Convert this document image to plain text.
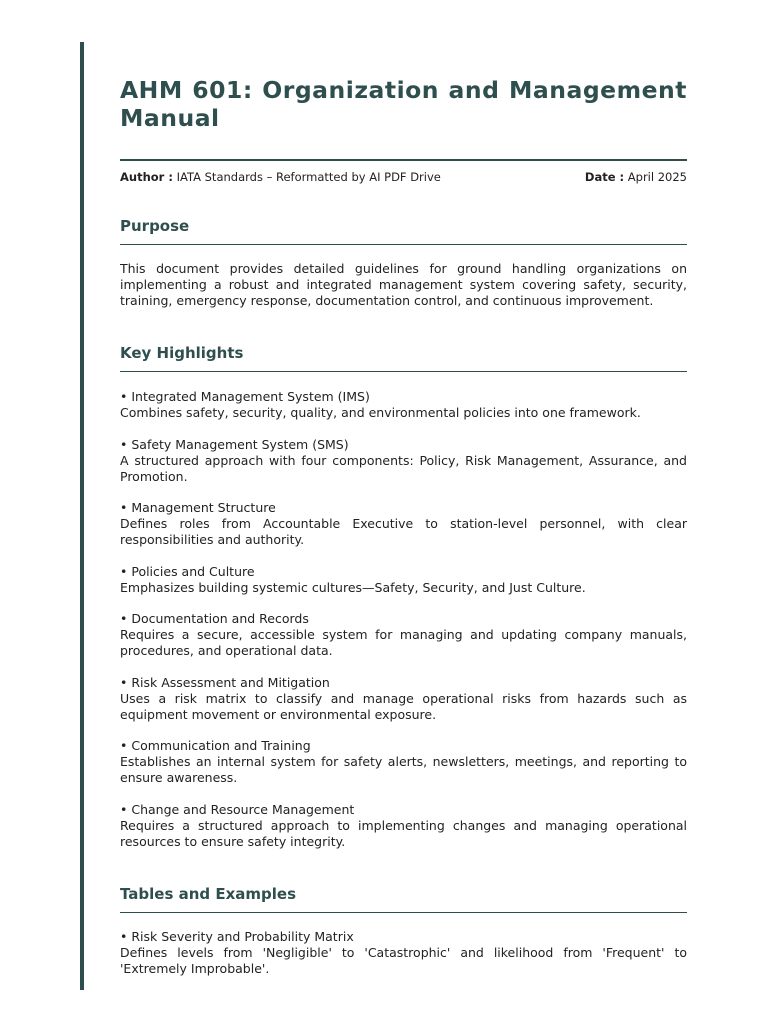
AHM 601: Organization and Management Manual
Author : IATA Standards – Reformatted by AI PDF Drive	Date : April 2025
Purpose

This document provides detailed guidelines for ground handling organizations on implementing a robust and integrated management system covering safety, security, training, emergency response, documentation control, and continuous improvement.

Key Highlights
• Integrated Management System (IMS)
Combines safety, security, quality, and environmental policies into one framework.
• Safety Management System (SMS)
A structured approach with four components: Policy, Risk Management, Assurance, and Promotion.
• Management Structure
Defines roles from Accountable Executive to station-level personnel, with clear responsibilities and authority.
• Policies and Culture
Emphasizes building systemic cultures—Safety, Security, and Just Culture.
• Documentation and Records
Requires a secure, accessible system for managing and updating company manuals, procedures, and operational data.
• Risk Assessment and Mitigation
Uses a risk matrix to classify and manage operational risks from hazards such as equipment movement or environmental exposure.
• Communication and Training
Establishes an internal system for safety alerts, newsletters, meetings, and reporting to ensure awareness.
• Change and Resource Management
Requires a structured approach to implementing changes and managing operational resources to ensure safety integrity.
Tables and Examples
• Risk Severity and Probability Matrix
Defines levels from 'Negligible' to 'Catastrophic' and likelihood from 'Frequent' to 'Extremely Improbable'.
